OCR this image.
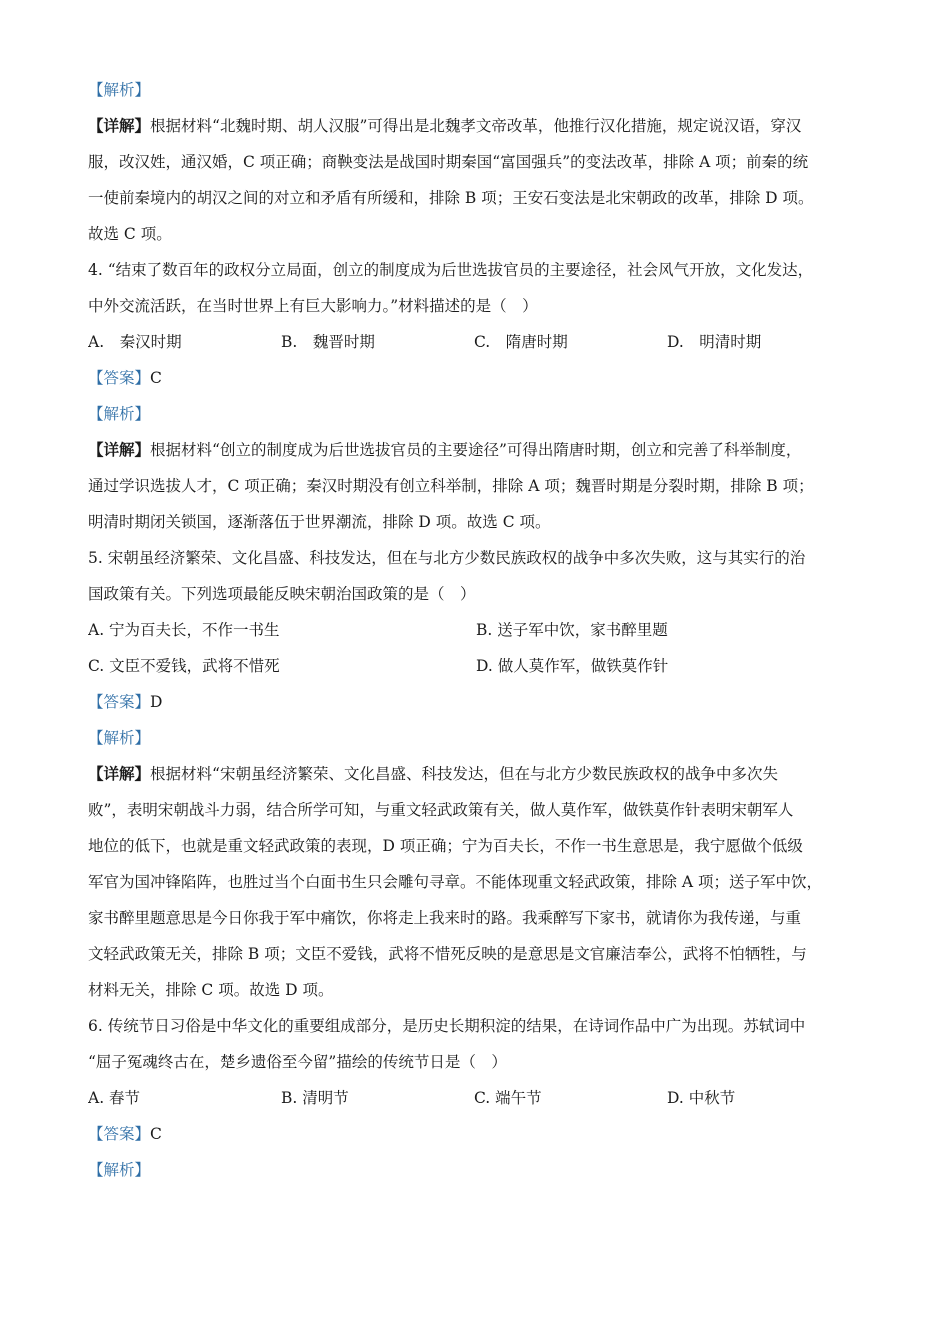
【解析】
【详解】根据材料“北魏时期、胡人汉服”可得出是北魏孝文帝改革，他推行汉化措施，规定说汉语，穿汉
服，改汉姓，通汉婚，C 项正确；商鞅变法是战国时期秦国“富国强兵”的变法改革，排除 A 项；前秦的统
一使前秦境内的胡汉之间的对立和矛盾有所缓和，排除 B 项；王安石变法是北宋朝政的改革，排除 D 项。
故选 C 项。
4. “结束了数百年的政权分立局面，创立的制度成为后世选拔官员的主要途径，社会风气开放，文化发达，
中外交流活跃，在当时世界上有巨大影响力。”材料描述的是（　）
A.　秦汉时期	B.　魏晋时期	C.　隋唐时期	D.　明清时期
【答案】C
【解析】
【详解】根据材料“创立的制度成为后世选拔官员的主要途径”可得出隋唐时期，创立和完善了科举制度，
通过学识选拔人才，C 项正确；秦汉时期没有创立科举制，排除 A 项；魏晋时期是分裂时期，排除 B 项；
明清时期闭关锁国，逐渐落伍于世界潮流，排除 D 项。故选 C 项。
5. 宋朝虽经济繁荣、文化昌盛、科技发达，但在与北方少数民族政权的战争中多次失败，这与其实行的治
国政策有关。下列选项最能反映宋朝治国政策的是（　）
A. 宁为百夫长，不作一书生	B. 送子军中饮，家书醉里题
C. 文臣不爱钱，武将不惜死	D. 做人莫作军，做铁莫作针
【答案】D
【解析】
【详解】根据材料“宋朝虽经济繁荣、文化昌盛、科技发达，但在与北方少数民族政权的战争中多次失
败”，表明宋朝战斗力弱，结合所学可知，与重文轻武政策有关，做人莫作军，做铁莫作针表明宋朝军人
地位的低下，也就是重文轻武政策的表现，D 项正确；宁为百夫长，不作一书生意思是，我宁愿做个低级
军官为国冲锋陷阵，也胜过当个白面书生只会雕句寻章。不能体现重文轻武政策，排除 A 项；送子军中饮，
家书醉里题意思是今日你我于军中痛饮，你将走上我来时的路。我乘醉写下家书，就请你为我传递，与重
文轻武政策无关，排除 B 项；文臣不爱钱，武将不惜死反映的是意思是文官廉洁奉公，武将不怕牺牲，与
材料无关，排除 C 项。故选 D 项。
6. 传统节日习俗是中华文化的重要组成部分，是历史长期积淀的结果，在诗词作品中广为出现。苏轼词中
“屈子冤魂终古在，楚乡遗俗至今留”描绘的传统节日是（　）
A. 春节	B. 清明节	C. 端午节	D. 中秋节
【答案】C
【解析】
